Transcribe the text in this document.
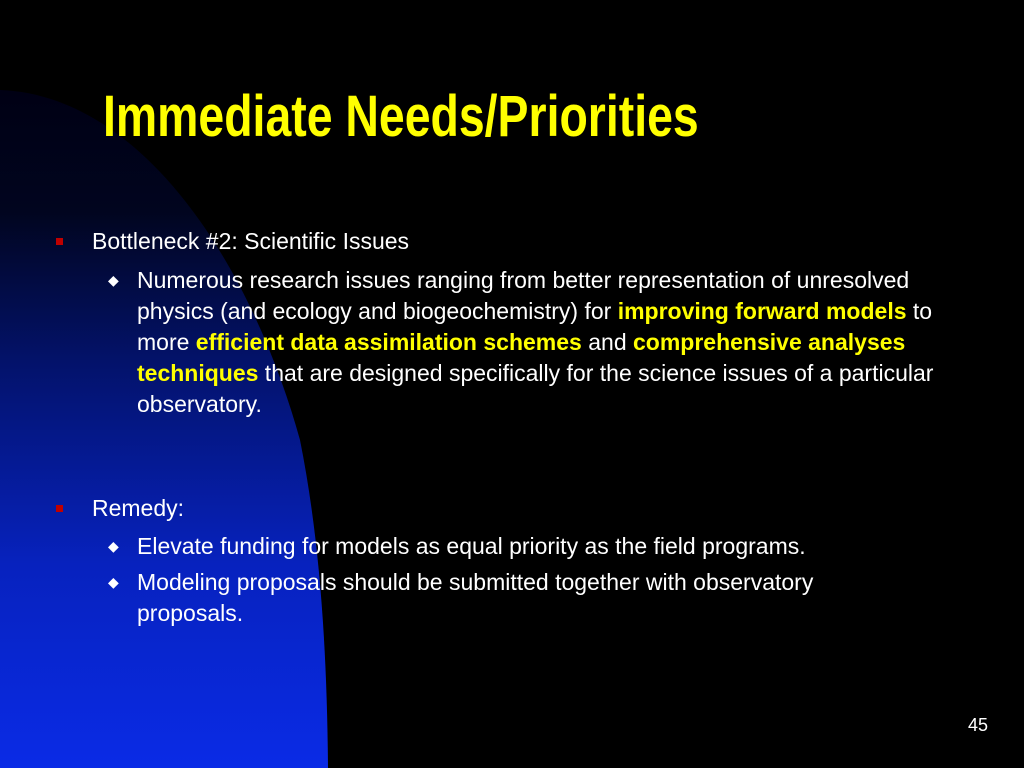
Immediate Needs/Priorities
Bottleneck #2: Scientific Issues
◆ Numerous research issues ranging from better representation of unresolved physics (and ecology and biogeochemistry) for improving forward models to more efficient data assimilation schemes and comprehensive analyses techniques that are designed specifically for the science issues of a particular observatory.
Remedy:
◆ Elevate funding for models as equal priority as the field programs.
◆ Modeling proposals should be submitted together with observatory proposals.
45
